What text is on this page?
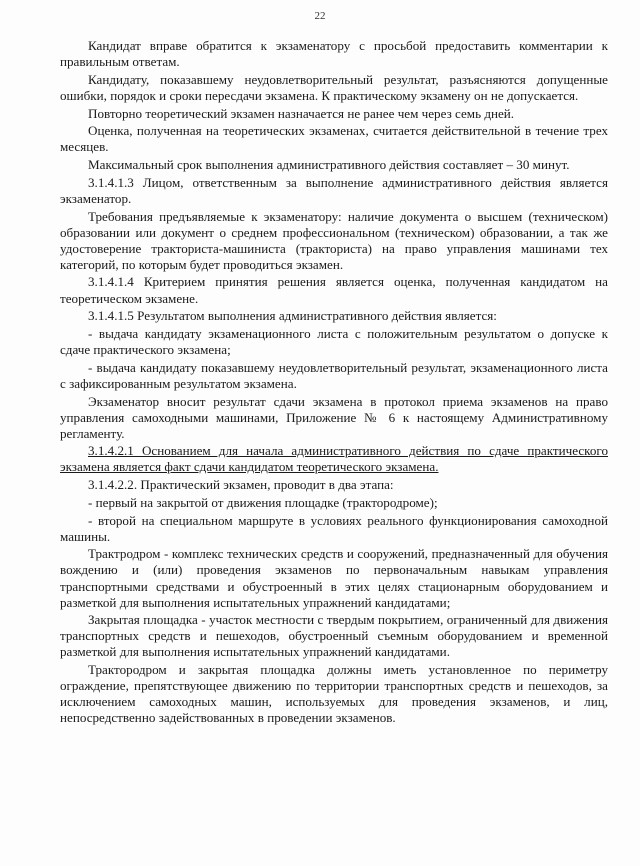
22

Кандидат вправе обратится к экзаменатору с просьбой предоставить комментарии к правильным ответам.

Кандидату, показавшему неудовлетворительный результат, разъясняются допущенные ошибки, порядок и сроки пересдачи экзамена. К практическому экзамену он не допускается.

Повторно теоретический экзамен назначается не ранее чем через семь дней.

Оценка, полученная на теоретических экзаменах, считается действительной в течение трех месяцев.

Максимальный срок выполнения административного действия составляет – 30 минут.

3.1.4.1.3 Лицом, ответственным за выполнение административного действия является экзаменатор.

Требования предъявляемые к экзаменатору: наличие документа о высшем (техническом) образовании или документ о среднем профессиональном (техническом) образовании, а так же удостоверение тракториста-машиниста (тракториста) на право управления машинами тех категорий, по которым будет проводиться экзамен.

3.1.4.1.4 Критерием принятия решения является оценка, полученная кандидатом на теоретическом экзамене.

3.1.4.1.5 Результатом выполнения административного действия является:

- выдача кандидату экзаменационного листа с положительным результатом о допуске к сдаче практического экзамена;

- выдача кандидату показавшему неудовлетворительный результат, экзаменационного листа с зафиксированным результатом экзамена.

Экзаменатор вносит результат сдачи экзамена в протокол приема экзаменов на право управления самоходными машинами, Приложение № 6 к настоящему Административному регламенту.

3.1.4.2.1 Основанием для начала административного действия по сдаче практического экзамена является факт сдачи кандидатом теоретического экзамена.

3.1.4.2.2. Практический экзамен, проводит в два этапа:

- первый на закрытой от движения площадке (трактородроме);

- второй на специальном маршруте в условиях реального функционирования самоходной машины.

Трактродром - комплекс технических средств и сооружений, предназначенный для обучения вождению и (или) проведения экзаменов по первоначальным навыкам управления транспортными средствами и обустроенный в этих целях стационарным оборудованием и разметкой для выполнения испытательных упражнений кандидатами;

Закрытая площадка - участок местности с твердым покрытием, ограниченный для движения транспортных средств и пешеходов, обустроенный съемным оборудованием и временной разметкой для выполнения испытательных упражнений кандидатами.

Трактородром и закрытая площадка должны иметь установленное по периметру ограждение, препятствующее движению по территории транспортных средств и пешеходов, за исключением самоходных машин, используемых для проведения экзаменов, и лиц, непосредственно задействованных в проведении экзаменов.
